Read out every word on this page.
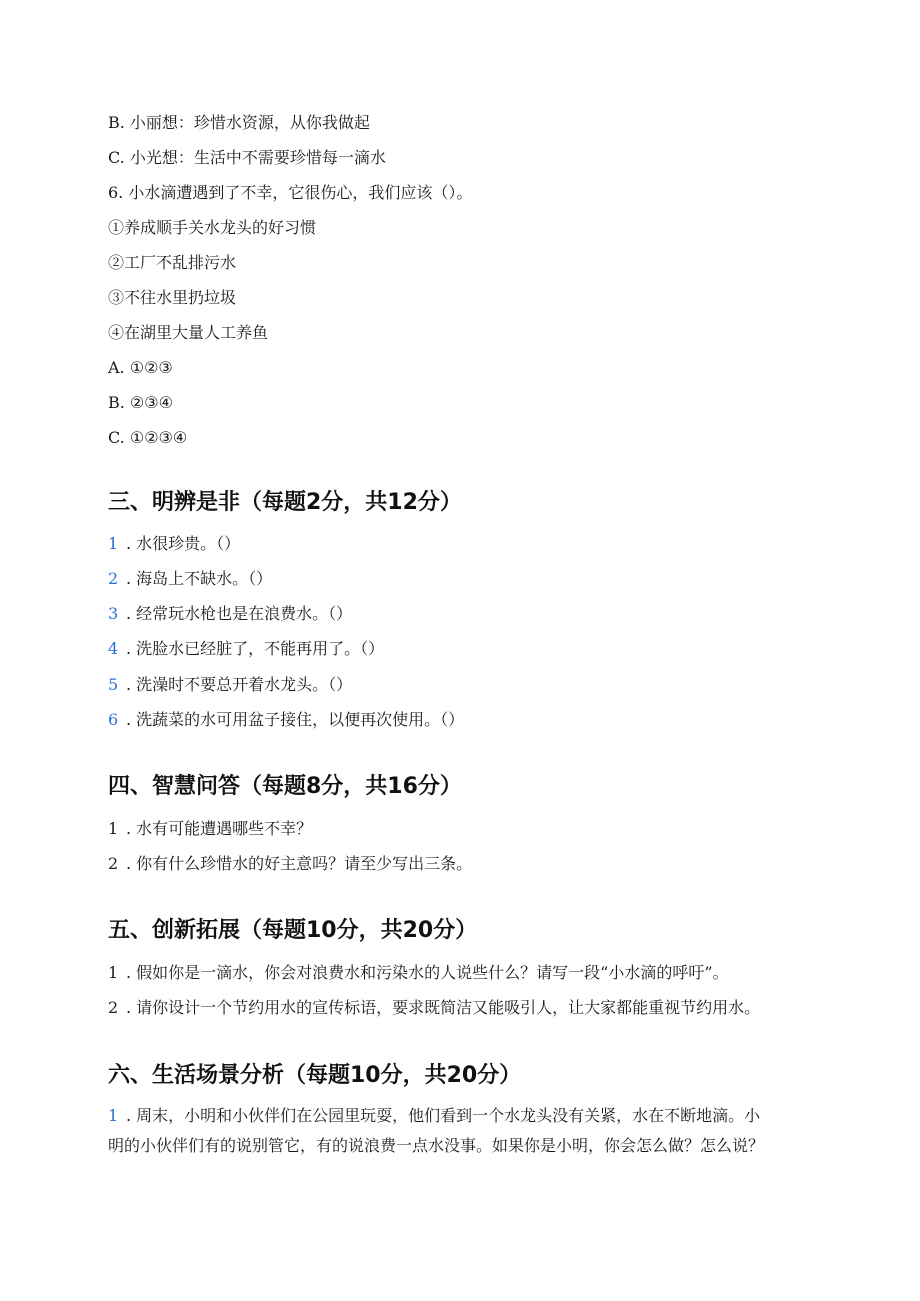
B. 小丽想：珍惜水资源，从你我做起
C. 小光想：生活中不需要珍惜每一滴水
6. 小水滴遭遇到了不幸，它很伤心，我们应该（）。
①养成顺手关水龙头的好习惯
②工厂不乱排污水
③不往水里扔垃圾
④在湖里大量人工养鱼
A. ①②③
B. ②③④
C. ①②③④
三、明辨是非（每题2分，共12分）
1 . 水很珍贵。（）
2 . 海岛上不缺水。（）
3 . 经常玩水枪也是在浪费水。（）
4 . 洗脸水已经脏了，不能再用了。（）
5 . 洗澡时不要总开着水龙头。（）
6 . 洗蔬菜的水可用盆子接住，以便再次使用。（）
四、智慧问答（每题8分，共16分）
1 . 水有可能遭遇哪些不幸？
2 . 你有什么珍惜水的好主意吗？请至少写出三条。
五、创新拓展（每题10分，共20分）
1 . 假如你是一滴水，你会对浪费水和污染水的人说些什么？请写一段“小水滴的呼吁”。
2 . 请你设计一个节约用水的宣传标语，要求既简洁又能吸引人，让大家都能重视节约用水。
六、生活场景分析（每题10分，共20分）
1 . 周末，小明和小伙伴们在公园里玩耍，他们看到一个水龙头没有关紧，水在不断地滴。小
明的小伙伴们有的说别管它，有的说浪费一点水没事。如果你是小明，你会怎么做？怎么说？
